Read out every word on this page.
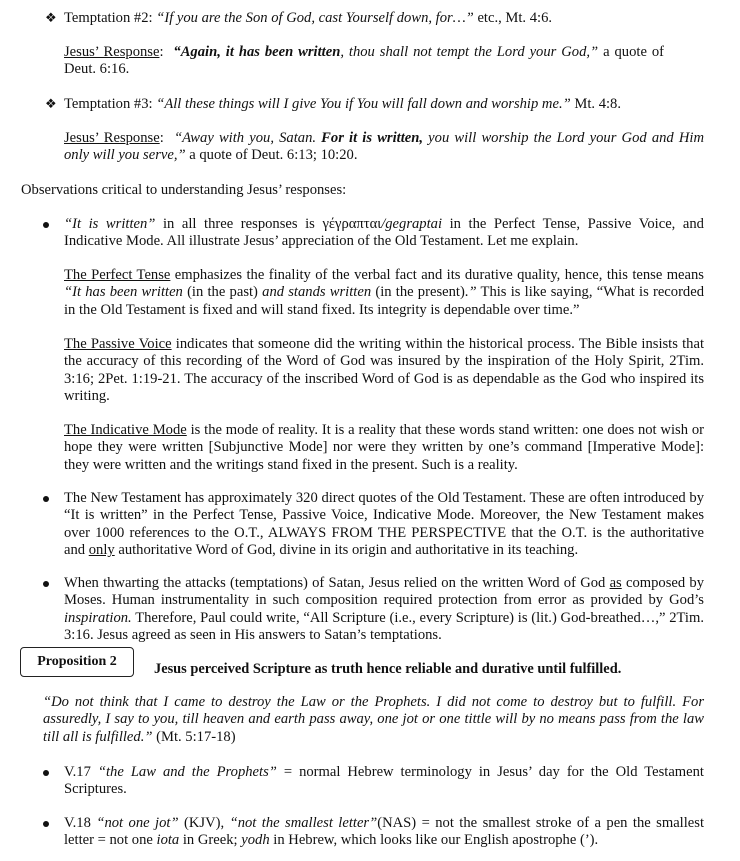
❖ Temptation #2: “If you are the Son of God, cast Yourself down, for…” etc., Mt. 4:6.
Jesus’ Response: “Again, it has been written, thou shall not tempt the Lord your God,” a quote of Deut. 6:16.
❖ Temptation #3: “All these things will I give You if You will fall down and worship me.” Mt. 4:8.
Jesus’ Response: “Away with you, Satan. For it is written, you will worship the Lord your God and Him only will you serve,” a quote of Deut. 6:13; 10:20.
Observations critical to understanding Jesus’ responses:
“It is written” in all three responses is γέγραπται/gegraptai in the Perfect Tense, Passive Voice, and Indicative Mode. All illustrate Jesus’ appreciation of the Old Testament. Let me explain.
The Perfect Tense emphasizes the finality of the verbal fact and its durative quality, hence, this tense means “It has been written (in the past) and stands written (in the present).” This is like saying, “What is recorded in the Old Testament is fixed and will stand fixed. Its integrity is dependable over time.”
The Passive Voice indicates that someone did the writing within the historical process. The Bible insists that the accuracy of this recording of the Word of God was insured by the inspiration of the Holy Spirit, 2Tim. 3:16; 2Pet. 1:19-21. The accuracy of the inscribed Word of God is as dependable as the God who inspired its writing.
The Indicative Mode is the mode of reality. It is a reality that these words stand written: one does not wish or hope they were written [Subjunctive Mode] nor were they written by one’s command [Imperative Mode]: they were written and the writings stand fixed in the present. Such is a reality.
The New Testament has approximately 320 direct quotes of the Old Testament. These are often introduced by “It is written” in the Perfect Tense, Passive Voice, Indicative Mode. Moreover, the New Testament makes over 1000 references to the O.T., ALWAYS FROM THE PERSPECTIVE that the O.T. is the authoritative and only authoritative Word of God, divine in its origin and authoritative in its teaching.
When thwarting the attacks (temptations) of Satan, Jesus relied on the written Word of God as composed by Moses. Human instrumentality in such composition required protection from error as provided by God’s inspiration. Therefore, Paul could write, “All Scripture (i.e., every Scripture) is (lit.) God-breathed…,” 2Tim. 3:16. Jesus agreed as seen in His answers to Satan’s temptations.
Proposition 2	Jesus perceived Scripture as truth hence reliable and durative until fulfilled.
“Do not think that I came to destroy the Law or the Prophets. I did not come to destroy but to fulfill. For assuredly, I say to you, till heaven and earth pass away, one jot or one tittle will by no means pass from the law till all is fulfilled.” (Mt. 5:17-18)
V.17 “the Law and the Prophets” = normal Hebrew terminology in Jesus’ day for the Old Testament Scriptures.
V.18 “not one jot” (KJV), “not the smallest letter”(NAS) = not the smallest stroke of a pen the smallest letter = not one iota in Greek; yodh in Hebrew, which looks like our English apostrophe (’).
